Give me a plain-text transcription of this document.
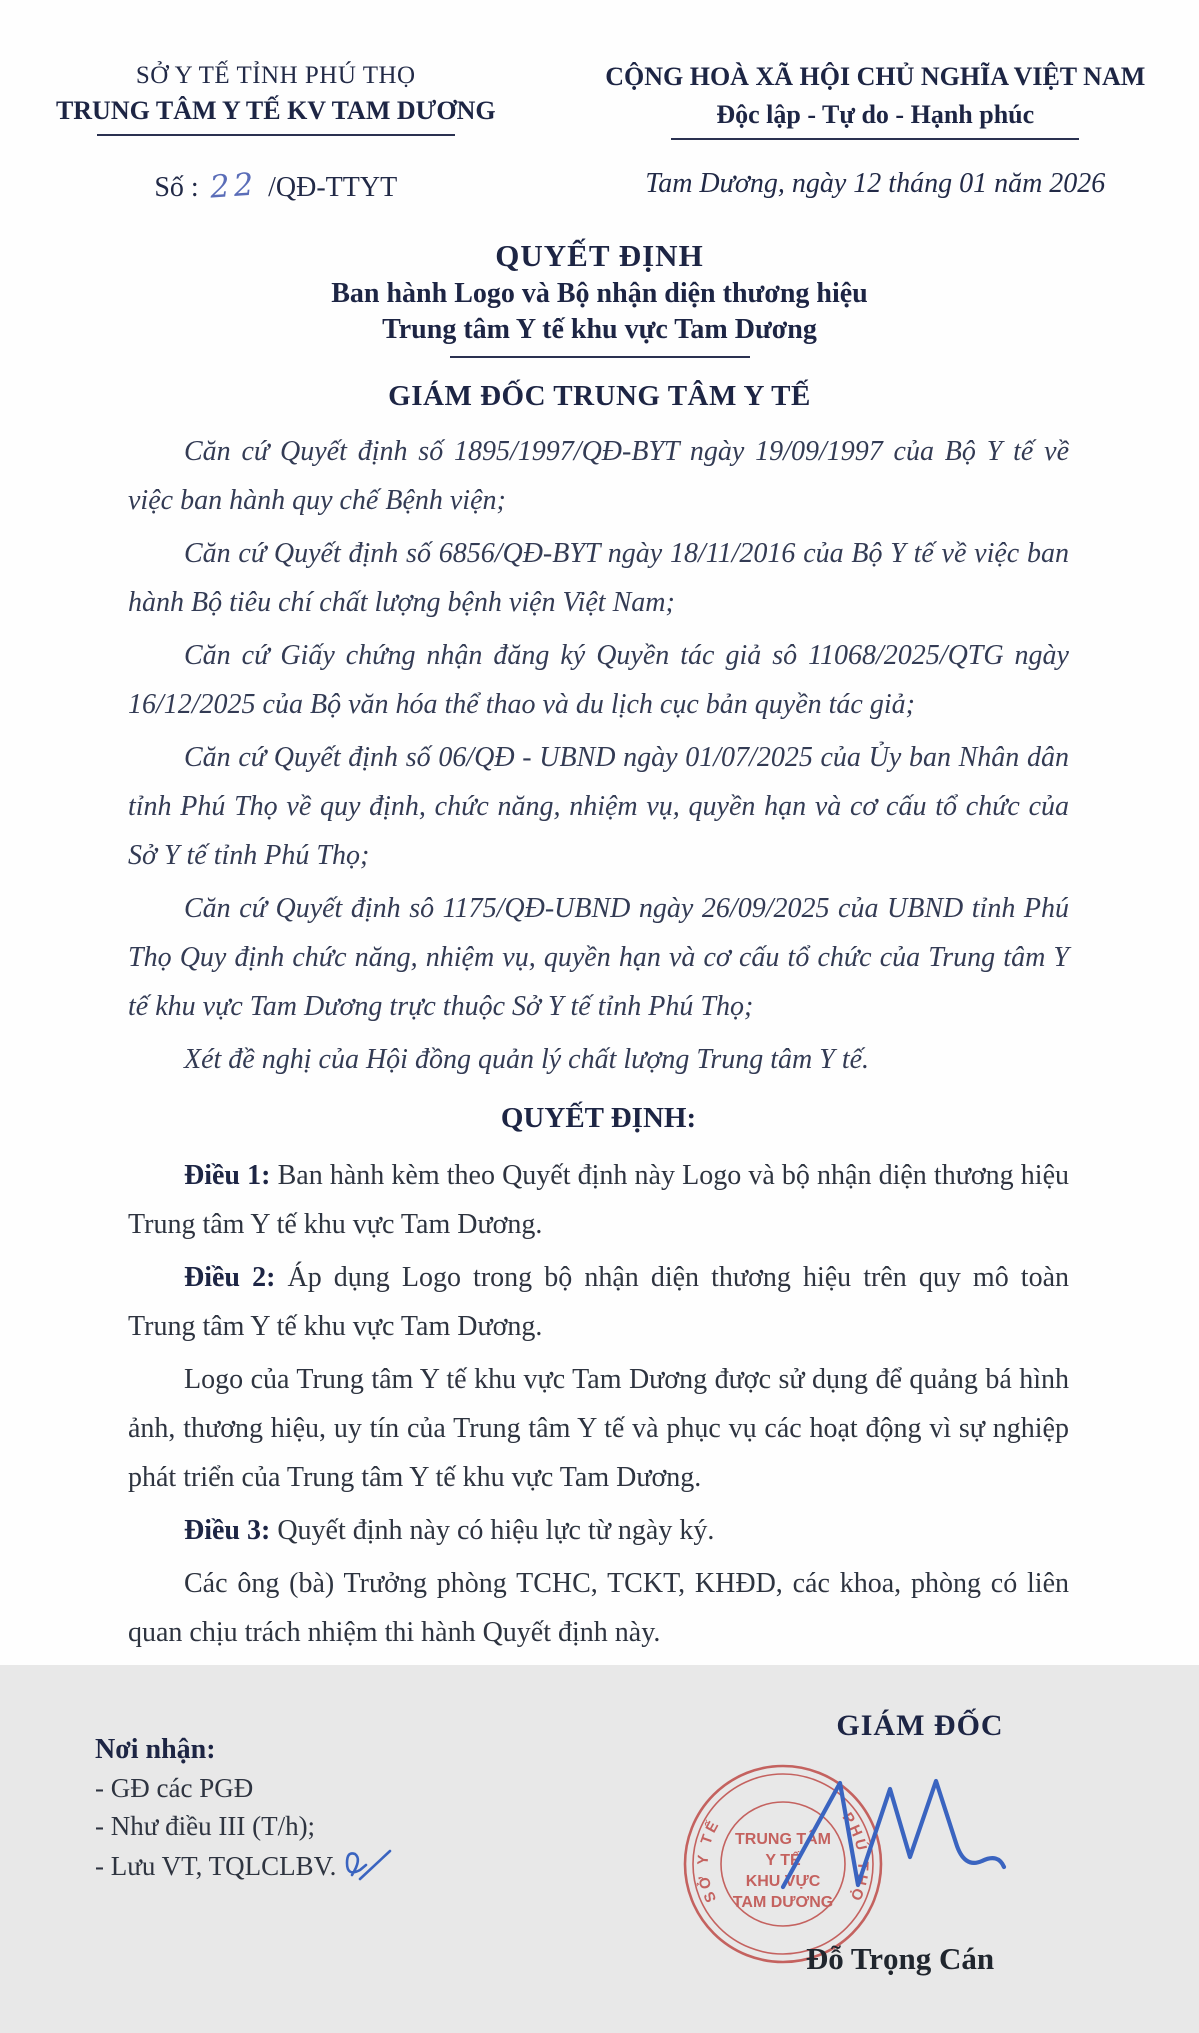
SỞ Y TẾ TỈNH PHÚ THỌ
TRUNG TÂM Y TẾ KV TAM DƯƠNG
CỘNG HOÀ XÃ HỘI CHỦ NGHĨA VIỆT NAM
Độc lập - Tự do - Hạnh phúc
Số : 22 /QĐ-TTYT	Tam Dương, ngày 12 tháng 01 năm 2026
QUYẾT ĐỊNH
Ban hành Logo và Bộ nhận diện thương hiệu
Trung tâm Y tế khu vực Tam Dương
GIÁM ĐỐC TRUNG TÂM Y TẾ

Căn cứ Quyết định số 1895/1997/QĐ-BYT ngày 19/09/1997 của Bộ Y tế về việc ban hành quy chế Bệnh viện;

Căn cứ Quyết định số 6856/QĐ-BYT ngày 18/11/2016 của Bộ Y tế về việc ban hành Bộ tiêu chí chất lượng bệnh viện Việt Nam;

Căn cứ Giấy chứng nhận đăng ký Quyền tác giả sô 11068/2025/QTG ngày 16/12/2025 của Bộ văn hóa thể thao và du lịch cục bản quyền tác giả;

Căn cứ Quyết định số 06/QĐ - UBND ngày 01/07/2025 của Ủy ban Nhân dân tỉnh Phú Thọ về quy định, chức năng, nhiệm vụ, quyền hạn và cơ cấu tổ chức của Sở Y tế tỉnh Phú Thọ;

Căn cứ Quyết định sô 1175/QĐ-UBND ngày 26/09/2025 của UBND tỉnh Phú Thọ Quy định chức năng, nhiệm vụ, quyền hạn và cơ cấu tổ chức của Trung tâm Y tế khu vực Tam Dương trực thuộc Sở Y tế tỉnh Phú Thọ;

Xét đề nghị của Hội đồng quản lý chất lượng Trung tâm Y tế.

QUYẾT ĐỊNH:

Điều 1: Ban hành kèm theo Quyết định này Logo và bộ nhận diện thương hiệu Trung tâm Y tế khu vực Tam Dương.

Điều 2: Áp dụng Logo trong bộ nhận diện thương hiệu trên quy mô toàn Trung tâm Y tế khu vực Tam Dương.

Logo của Trung tâm Y tế khu vực Tam Dương được sử dụng để quảng bá hình ảnh, thương hiệu, uy tín của Trung tâm Y tế và phục vụ các hoạt động vì sự nghiệp phát triển của Trung tâm Y tế khu vực Tam Dương.

Điều 3: Quyết định này có hiệu lực từ ngày ký.

Các ông (bà) Trưởng phòng TCHC, TCKT, KHĐD, các khoa, phòng có liên quan chịu trách nhiệm thi hành Quyết định này.

Nơi nhận:
- GĐ các PGĐ
- Như điều III (T/h);
- Lưu VT, TQLCLBV.
GIÁM ĐỐC
SỞ Y TẾ	PHÚ THỌ
TRUNG TÂM
Y TẾ
KHU VỰC
TAM DƯƠNG
Đỗ Trọng Cán
